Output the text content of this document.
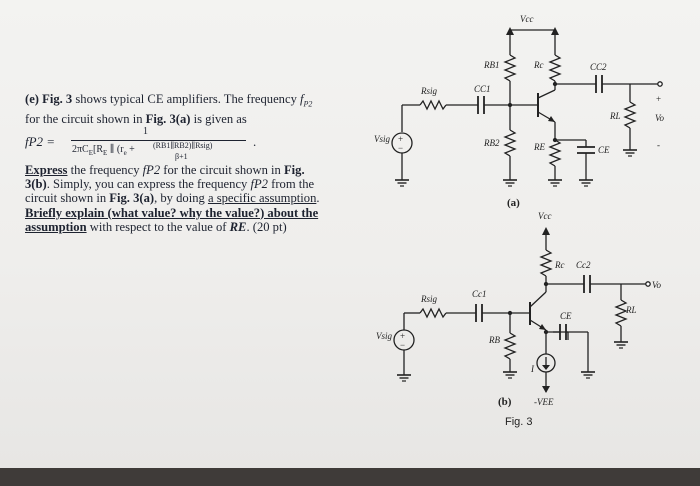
(e) Fig. 3 shows typical CE amplifiers. The frequency $f_{P2}$
for the circuit shown in Fig. 3(a) is given as
fP2 =
1
$2\pi C_E[R_E$ ∥ ($r_e$ + (RB1∥RB2)∥Rsig)
β+1
.
Express the frequency fP2 for the circuit shown in Fig.
3(b). Simply, you can express the frequency fP2 from the
circuit shown in Fig. 3(a), by doing a specific assumption.
Briefly explain (what value? why the value?) about the
assumption with respect to the value of RE. (20 pt)
+
−
Vcc
RB1	Rc	CC2
Rsig	CC1
RB2	RE	CE
RL	Vo
+
-
Vsig
(a)
+
−
Vcc
Rc Cc2
Vo
Rsig	Cc1
RB
CE
RL
I
-VEE
Vsig
(b)
Fig. 3
